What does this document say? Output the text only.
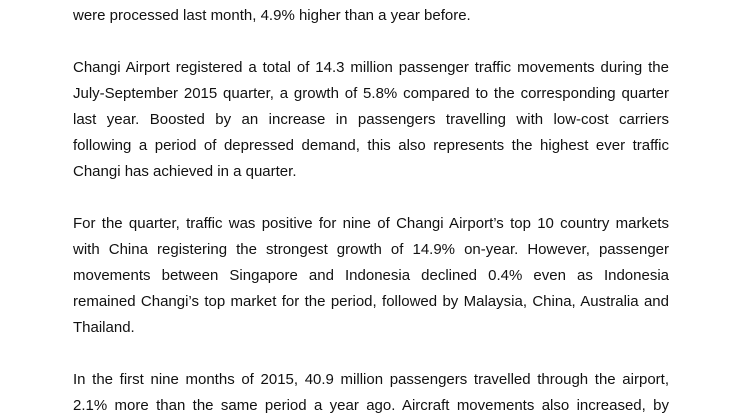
were processed last month, 4.9% higher than a year before.
Changi Airport registered a total of 14.3 million passenger traffic movements during the
July-September 2015 quarter, a growth of 5.8% compared to the corresponding quarter
last year. Boosted by an increase in passengers travelling with low-cost carriers
following a period of depressed demand, this also represents the highest ever traffic
Changi has achieved in a quarter.
For the quarter, traffic was positive for nine of Changi Airport’s top 10 country markets
with China registering the strongest growth of 14.9% on-year. However, passenger
movements between Singapore and Indonesia declined 0.4% even as Indonesia
remained Changi’s top market for the period, followed by Malaysia, China, Australia and
Thailand.
In the first nine months of 2015, 40.9 million passengers travelled through the airport,
2.1% more than the same period a year ago. Aircraft movements also increased, by
